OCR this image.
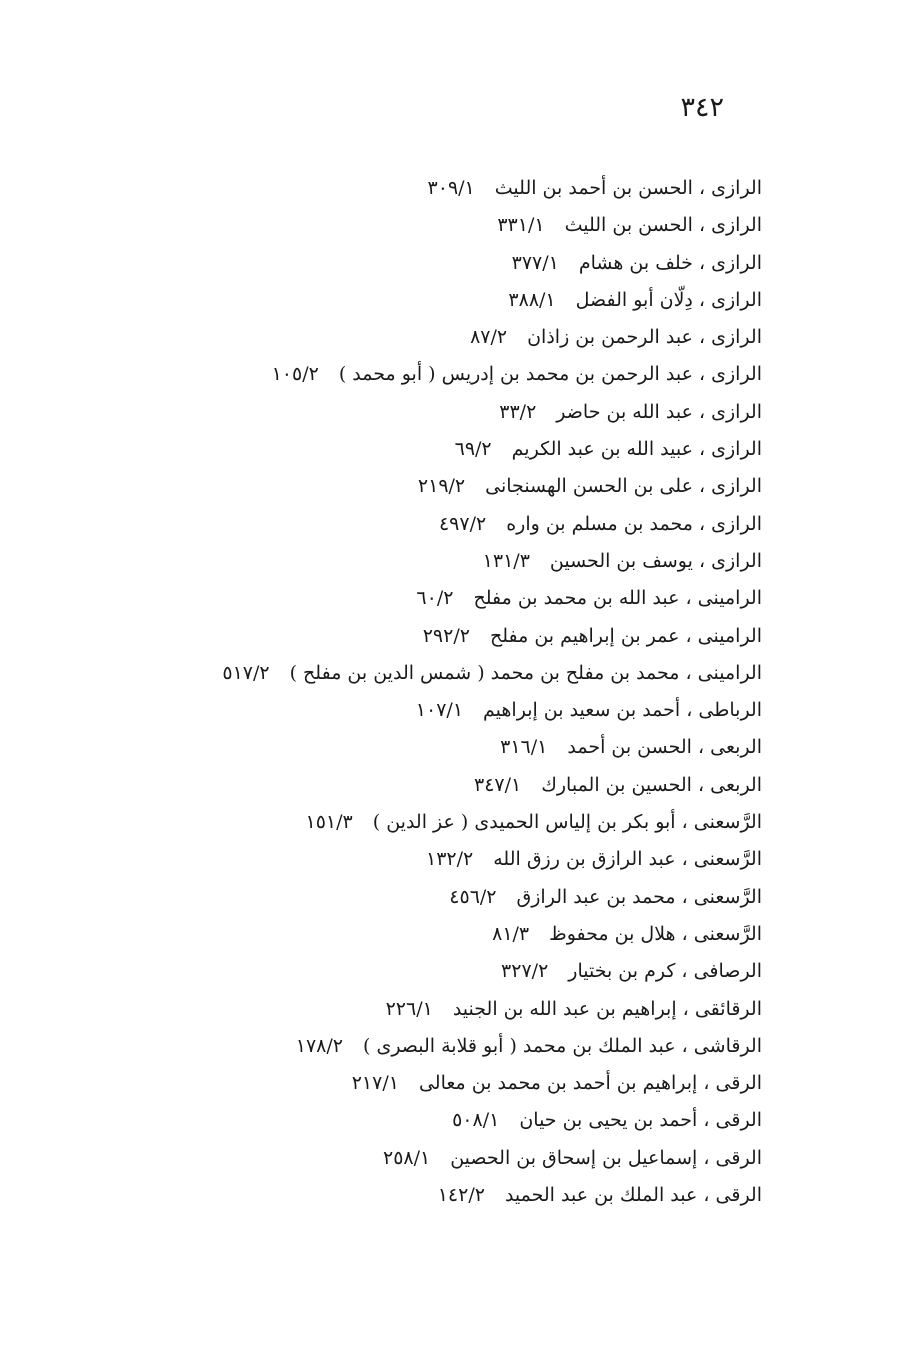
٣٤٢
الرازى ، الحسن بن أحمد بن الليث٣٠٩/١
الرازى ، الحسن بن الليث٣٣١/١
الرازى ، خلف بن هشام٣٧٧/١
الرازى ، دِلّان أبو الفضل٣٨٨/١
الرازى ، عبد الرحمن بن زاذان٨٧/٢
الرازى ، عبد الرحمن بن محمد بن إدريس ( أبو محمد )١٠٥/٢
الرازى ، عبد الله بن حاضر٣٣/٢
الرازى ، عبيد الله بن عبد الكريم٦٩/٢
الرازى ، على بن الحسن الهسنجانى٢١٩/٢
الرازى ، محمد بن مسلم بن واره٤٩٧/٢
الرازى ، يوسف بن الحسين١٣١/٣
الرامينى ، عبد الله بن محمد بن مفلح٦٠/٢
الرامينى ، عمر بن إبراهيم بن مفلح٢٩٢/٢
الرامينى ، محمد بن مفلح بن محمد ( شمس الدين بن مفلح )٥١٧/٢
الرباطى ، أحمد بن سعيد بن إبراهيم١٠٧/١
الربعى ، الحسن بن أحمد٣١٦/١
الربعى ، الحسين بن المبارك٣٤٧/١
الرَّسعنى ، أبو بكر بن إلياس الحميدى ( عز الدين )١٥١/٣
الرَّسعنى ، عبد الرازق بن رزق الله١٣٢/٢
الرَّسعنى ، محمد بن عبد الرازق٤٥٦/٢
الرَّسعنى ، هلال بن محفوظ٨١/٣
الرصافى ، كرم بن بختيار٣٢٧/٢
الرقائقى ، إبراهيم بن عبد الله بن الجنيد٢٢٦/١
الرقاشى ، عبد الملك بن محمد ( أبو قلابة البصرى )١٧٨/٢
الرقى ، إبراهيم بن أحمد بن محمد بن معالى٢١٧/١
الرقى ، أحمد بن يحيى بن حيان٥٠٨/١
الرقى ، إسماعيل بن إسحاق بن الحصين٢٥٨/١
الرقى ، عبد الملك بن عبد الحميد١٤٢/٢
